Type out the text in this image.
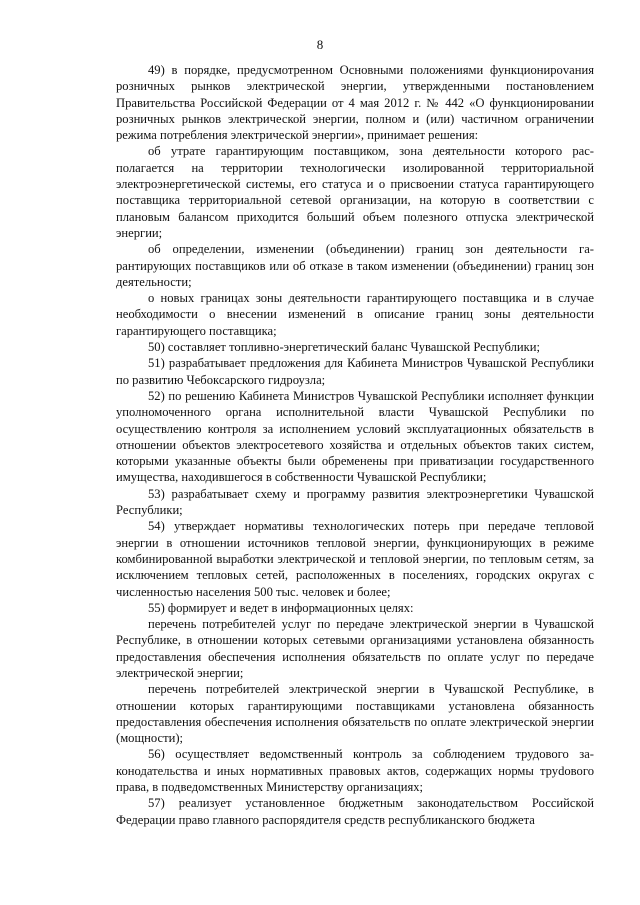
8

49) в порядке, предусмотренном Основными положениями функционироvания розничных рынков электрической энергии, утвержденными постановлением Правительства Российской Федерации от 4 мая 2012 г. № 442 «О функционировании розничных рынков электрической энергии, полном и (или) частичном ограничении режима потребления электрической энергии», принимает решения:

об утрате гарантирующим поставщиком, зона деятельности которого располагается на территории технологически изолированной территориальной электроэнергетической системы, его статуса и о присвоении статуса гарантирующего поставщика территориальной сетевой организации, на которую в соответствии с плановым балансом приходится больший объем полезного отпуска электрической энергии;

об определении, изменении (объединении) границ зон деятельности гарантирующих поставщиков или об отказе в таком изменении (объединении) границ зон деятельности;

о новых границах зоны деятельности гарантирующего поставщика и в случае необходимости о внесении изменений в описание границ зоны деятельности гарантирующего поставщика;

50) составляет топливно-энергетический баланс Чувашской Республики;

51) разрабатывает предложения для Кабинета Министров Чувашской Республики по развитию Чебоксарского гидроузла;

52) по решению Кабинета Министров Чувашской Республики исполняет функции уполномоченного органа исполнительной власти Чувашской Республики по осуществлению контроля за исполнением условий эксплуатационных обязательств в отношении объектов электросетевого хозяйства и отдельных объектов таких систем, которыми указанные объекты были обременены при приватизации государственного имущества, находившегося в собственности Чувашской Республики;

53) разрабатывает схему и программу развития электроэнергетики Чувашской Республики;

54) утверждает нормативы технологических потерь при передаче тепловой энергии в отношении источников тепловой энергии, функционирующих в режиме комбинированной выработки электрической и тепловой энергии, по тепловым сетям, за исключением тепловых сетей, расположенных в поселениях, городских округах с численностью населения 500 тыс. человек и более;

55) формирует и ведет в информационных целях:

перечень потребителей услуг по передаче электрической энергии в Чувашской Республике, в отношении которых сетевыми организациями установлена обязанность предоставления обеспечения исполнения обязательств по оплате услуг по передаче электрической энергии;

перечень потребителей электрической энергии в Чувашской Республике, в отношении которых гарантирующими поставщиками установлена обязанность предоставления обеспечения исполнения обязательств по оплате электрической энергии (мощности);

56) осуществляет ведомственный контроль за соблюдением трудового законодательства и иных нормативных правовых актов, содержащих нормы труdового права, в подведомственных Министерству организациях;

57) реализует установленное бюджетным законодательством Российской Федерации право главного распорядителя средств республиканского бюджета
